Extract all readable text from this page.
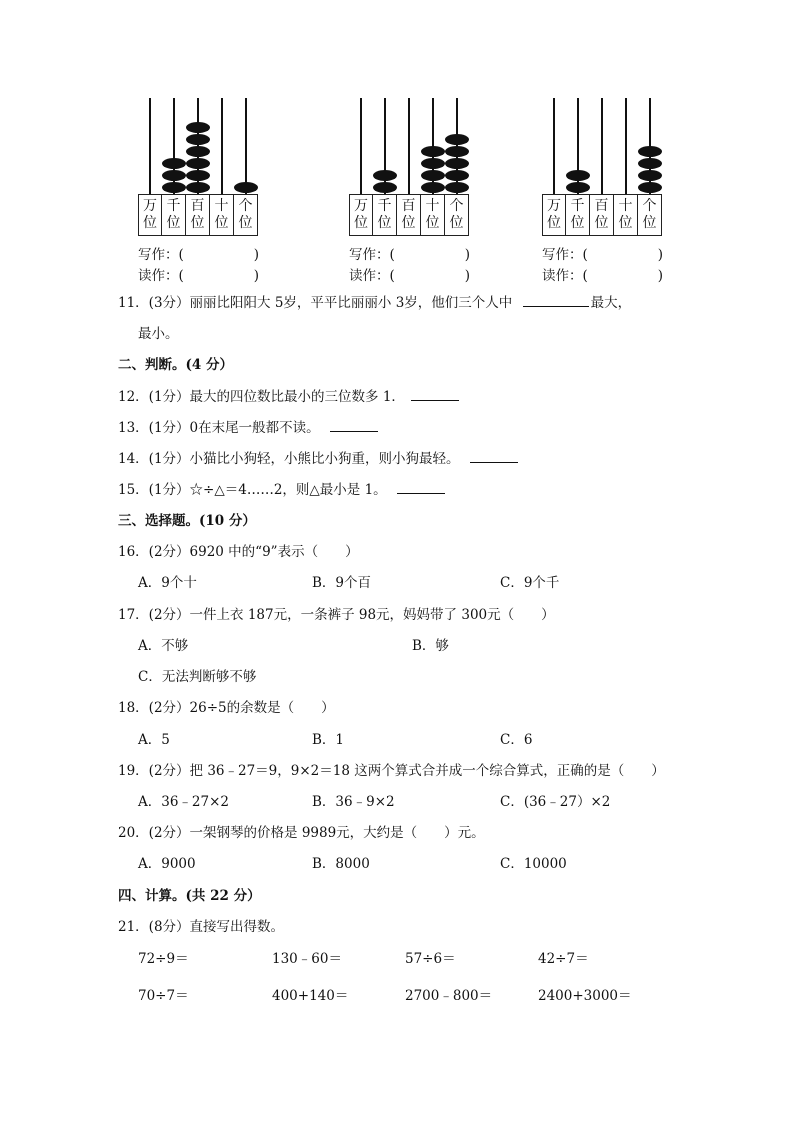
万
位
千
位
百
位
十
位
个
位
万
位
千
位
百
位
十
位
个
位
万
位
千
位
百
位
十
位
个
位
写作：(	)
读作：(	)
写作：(	)
读作：(	)
写作：(	)
读作：(	)
11．(3分）丽丽比阳阳大 5岁，平平比丽丽小 3岁，他们三个人中	最大，
最小。
二、判断。(4 分）
12．(1分）最大的四位数比最小的三位数多 1．
13．(1分）0在末尾一般都不读。
14．(1分）小猫比小狗轻，小熊比小狗重，则小狗最轻。
15．(1分）☆÷△＝4……2，则△最小是 1。
三、选择题。(10 分）
16．(2分）6920 中的“9”表示（　　）
A．9个十	B．9个百	C．9个千
17．(2分）一件上衣 187元，一条裤子 98元，妈妈带了 300元（　　）
A．不够	B．够
C．无法判断够不够
18．(2分）26÷5的余数是（　　）
A．5	B．1	C．6
19．(2分）把 36﹣27＝9，9×2＝18 这两个算式合并成一个综合算式，正确的是（　　）
A．36﹣27×2	B．36﹣9×2	C．(36﹣27）×2
20．(2分）一架钢琴的价格是 9989元，大约是（　　）元。
A．9000	B．8000	C．10000
四、计算。(共 22 分）
21．(8分）直接写出得数。
72÷9＝	130﹣60＝	57÷6＝	42÷7＝
70÷7＝	400+140＝	2700﹣800＝	2400+3000＝
